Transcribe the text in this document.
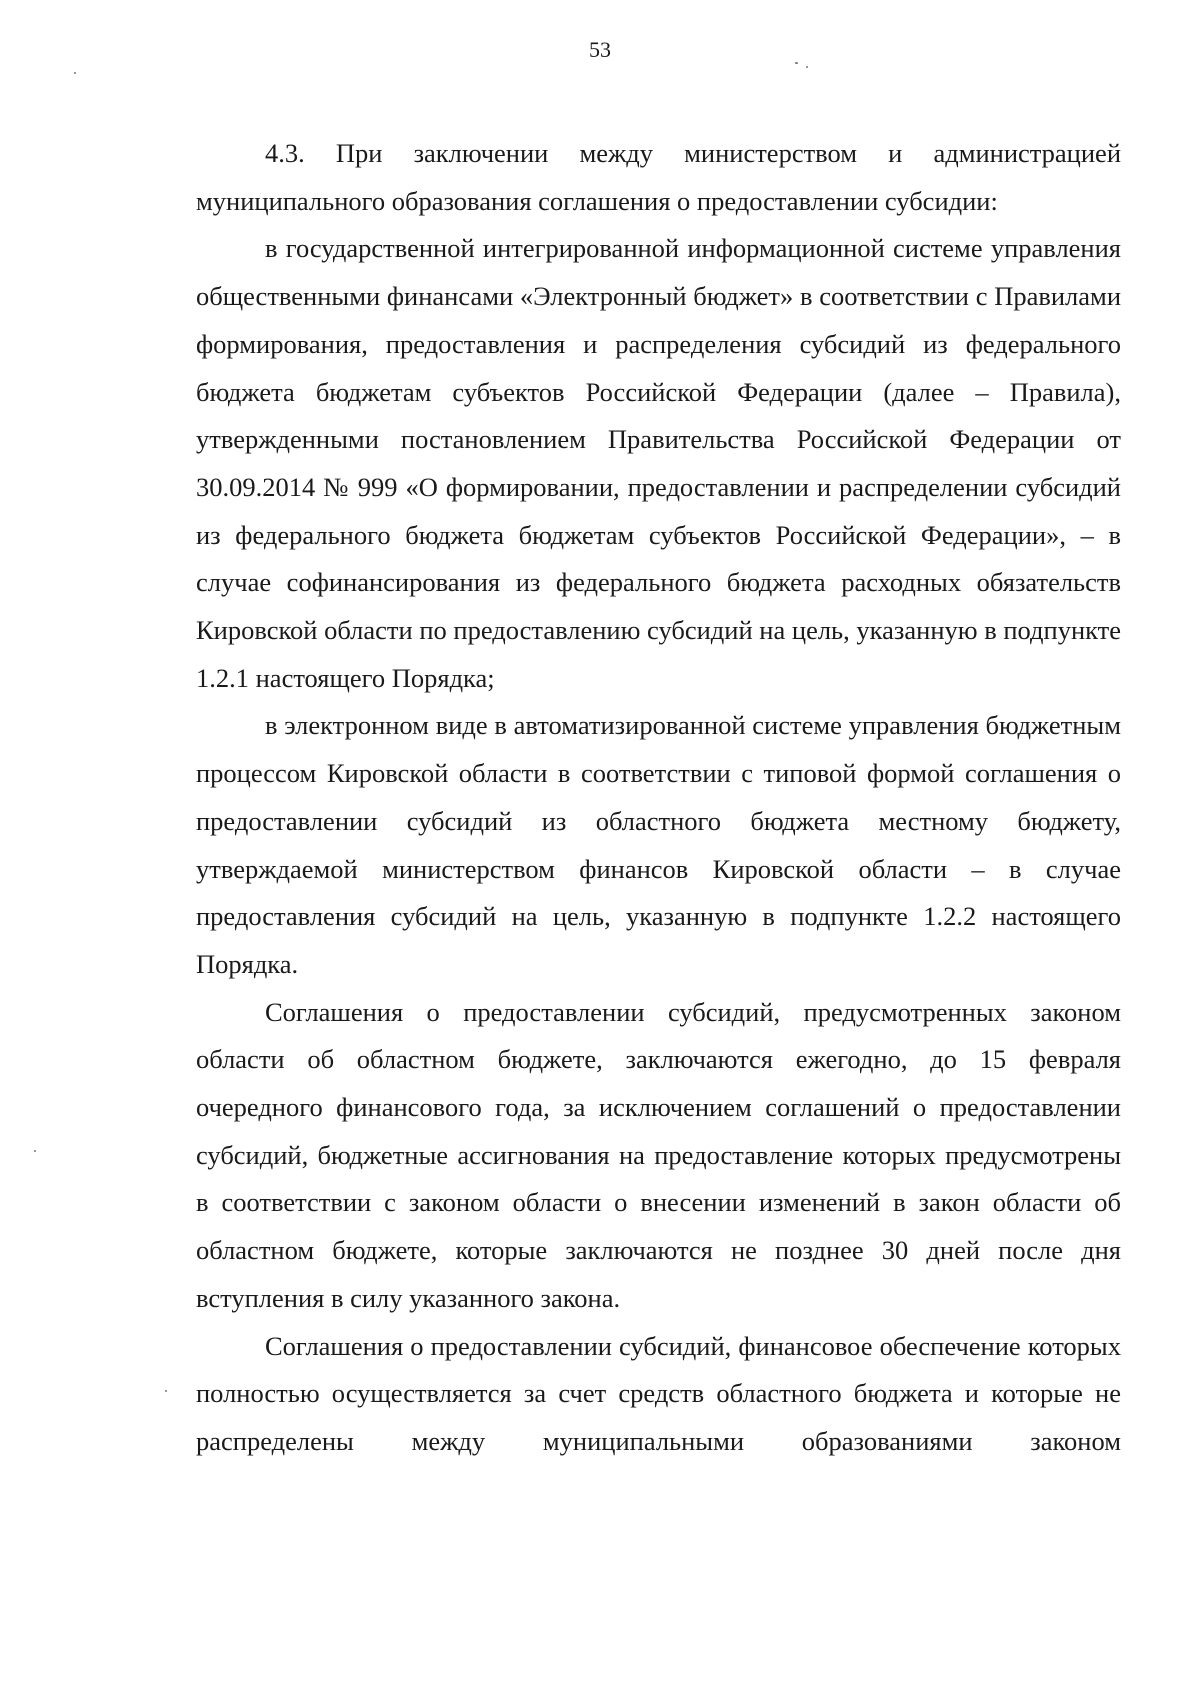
53

4.3. При заключении между министерством и администрацией муниципального образования соглашения о предоставлении субсидии:

в государственной интегрированной информационной системе управления общественными финансами «Электронный бюджет» в соответствии с Правилами формирования, предоставления и распределения субсидий из федерального бюджета бюджетам субъектов Российской Федерации (далее – Правила), утвержденными постановлением Правительства Российской Федерации от 30.09.2014 № 999 «О формировании, предоставлении и распределении субсидий из федерального бюджета бюджетам субъектов Российской Федерации», – в случае софинансирования из федерального бюджета расходных обязательств Кировской области по предоставлению субсидий на цель, указанную в подпункте 1.2.1 настоящего Порядка;

в электронном виде в автоматизированной системе управления бюджетным процессом Кировской области в соответствии с типовой формой соглашения о предоставлении субсидий из областного бюджета местному бюджету, утверждаемой министерством финансов Кировской области – в случае предоставления субсидий на цель, указанную в подпункте 1.2.2 настоящего Порядка.

Соглашения о предоставлении субсидий, предусмотренных законом области об областном бюджете, заключаются ежегодно, до 15 февраля очередного финансового года, за исключением соглашений о предоставлении субсидий, бюджетные ассигнования на предоставление которых предусмотрены в соответствии с законом области о внесении изменений в закон области об областном бюджете, которые заключаются не позднее 30 дней после дня вступления в силу указанного закона.

Соглашения о предоставлении субсидий, финансовое обеспечение которых полностью осуществляется за счет средств областного бюджета и которые не распределены между муниципальными образованиями законом
